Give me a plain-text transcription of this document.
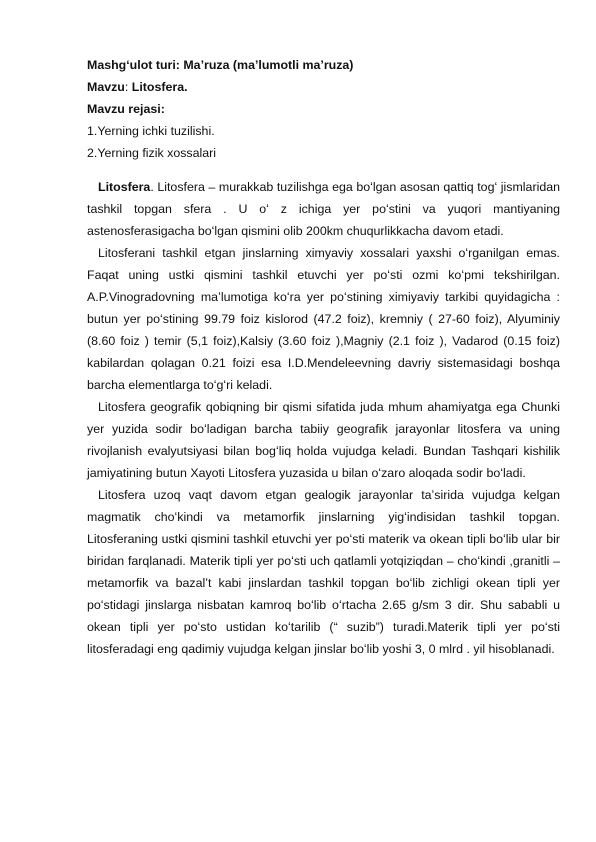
Mashgʻulot turi: Maʼruza (maʼlumotli maʼruza)
Mavzu: Litosfera.
Mavzu rejasi:
1.Yerning ichki tuzilishi.
2.Yerning fizik xossalari

Litosfera. Litosfera – murakkab tuzilishga ega boʻlgan asosan qattiq togʻ jismlaridan tashkil topgan sfera . U oʻ z ichiga yer poʻstini va yuqori mantiyaning astenosferasigacha boʻlgan qismini olib 200km chuqurlikkacha davom etadi.

Litosferani tashkil etgan jinslarning ximyaviy xossalari yaxshi oʻrganilgan emas. Faqat uning ustki qismini tashkil etuvchi yer poʻsti ozmi koʻpmi tekshirilgan. A.P.Vinogradovning maʼlumotiga koʻra yer poʻstining ximiyaviy tarkibi quyidagicha : butun yer poʻstining 99.79 foiz kislorod (47.2 foiz), kremniy ( 27-60 foiz), Alyuminiy (8.60 foiz ) temir (5,1 foiz),Kalsiy (3.60 foiz ),Magniy (2.1 foiz ), Vadarod (0.15 foiz) kabilardan qolagan 0.21 foizi esa I.D.Mendeleevning davriy sistemasidagi boshqa barcha elementlarga toʻgʻri keladi.

Litosfera geografik qobiqning bir qismi sifatida juda mhum ahamiyatga ega Chunki yer yuzida sodir boʻladigan barcha tabiiy geografik jarayonlar litosfera va uning rivojlanish evalyutsiyasi bilan bogʻliq holda vujudga keladi. Bundan Tashqari kishilik jamiyatining butun Xayoti Litosfera yuzasida u bilan oʻzaro aloqada sodir boʻladi.

Litosfera uzoq vaqt davom etgan gealogik jarayonlar taʼsirida vujudga kelgan magmatik choʻkindi va metamorfik jinslarning yigʻindisidan tashkil topgan. Litosferaning ustki qismini tashkil etuvchi yer poʻsti materik va okean tipli boʻlib ular bir biridan farqlanadi. Materik tipli yer poʻsti uch qatlamli yotqiziqdan – choʻkindi ,granitli – metamorfik va bazalʼt kabi jinslardan tashkil topgan boʻlib zichligi okean tipli yer poʻstidagi jinslarga nisbatan kamroq boʻlib oʻrtacha 2.65 g/sm 3 dir. Shu sababli u okean tipli yer poʻsto ustidan koʻtarilib (“ suzib”) turadi.Materik tipli yer poʻsti litosferadagi eng qadimiy vujudga kelgan jinslar boʻlib yoshi 3, 0 mlrd . yil hisoblanadi.
